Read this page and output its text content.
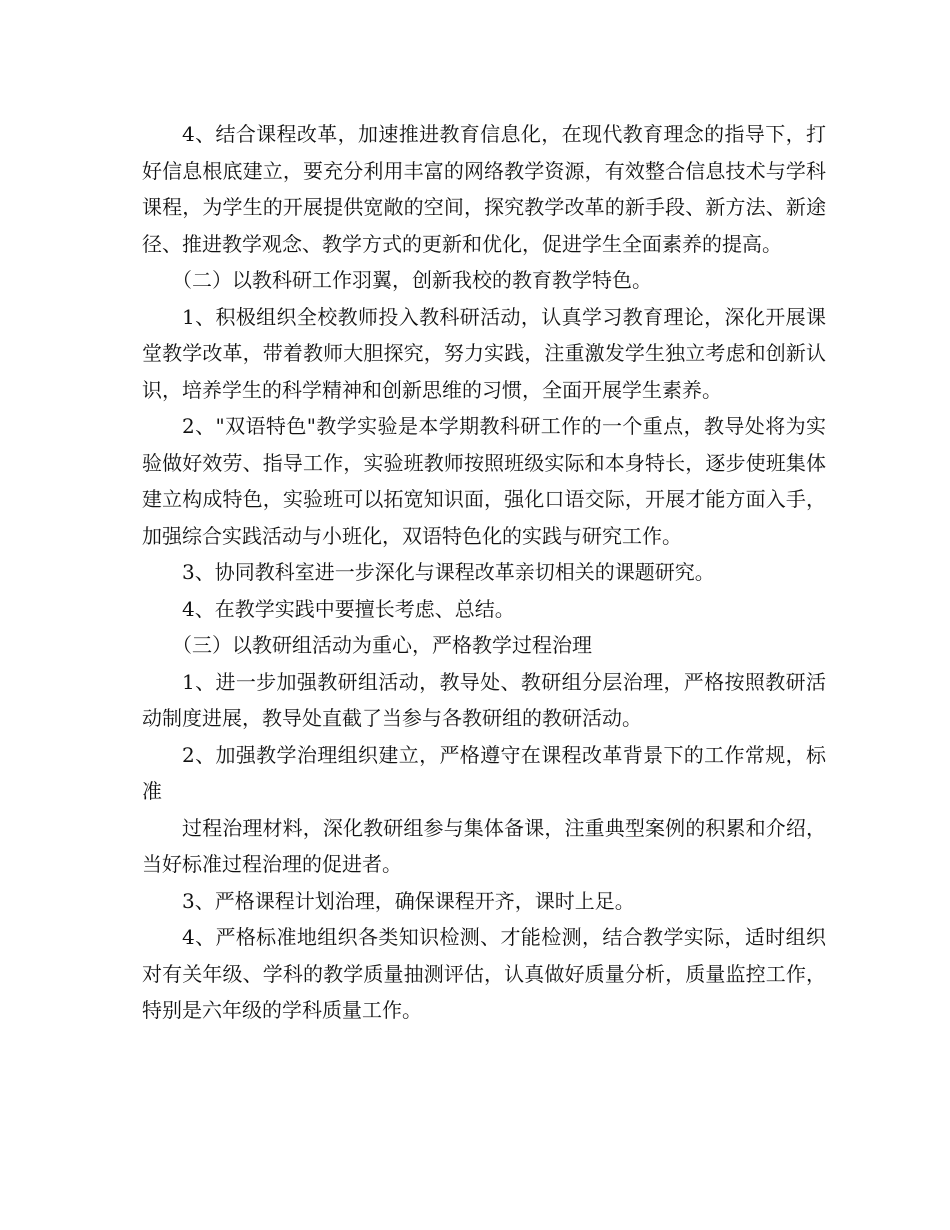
4、结合课程改革，加速推进教育信息化，在现代教育理念的指导下，打好信息根底建立，要充分利用丰富的网络教学资源，有效整合信息技术与学科课程，为学生的开展提供宽敞的空间，探究教学改革的新手段、新方法、新途径、推进教学观念、教学方式的更新和优化，促进学生全面素养的提高。

（二）以教科研工作羽翼，创新我校的教育教学特色。

1、积极组织全校教师投入教科研活动，认真学习教育理论，深化开展课堂教学改革，带着教师大胆探究，努力实践，注重激发学生独立考虑和创新认识，培养学生的科学精神和创新思维的习惯，全面开展学生素养。

2、"双语特色"教学实验是本学期教科研工作的一个重点，教导处将为实验做好效劳、指导工作，实验班教师按照班级实际和本身特长，逐步使班集体建立构成特色，实验班可以拓宽知识面，强化口语交际，开展才能方面入手，加强综合实践活动与小班化，双语特色化的实践与研究工作。

3、协同教科室进一步深化与课程改革亲切相关的课题研究。

4、在教学实践中要擅长考虑、总结。

（三）以教研组活动为重心，严格教学过程治理

1、进一步加强教研组活动，教导处、教研组分层治理，严格按照教研活动制度进展，教导处直截了当参与各教研组的教研活动。

2、加强教学治理组织建立，严格遵守在课程改革背景下的工作常规，标准

过程治理材料，深化教研组参与集体备课，注重典型案例的积累和介绍，当好标准过程治理的促进者。

3、严格课程计划治理，确保课程开齐，课时上足。

4、严格标准地组织各类知识检测、才能检测，结合教学实际，适时组织对有关年级、学科的教学质量抽测评估，认真做好质量分析，质量监控工作，特别是六年级的学科质量工作。
